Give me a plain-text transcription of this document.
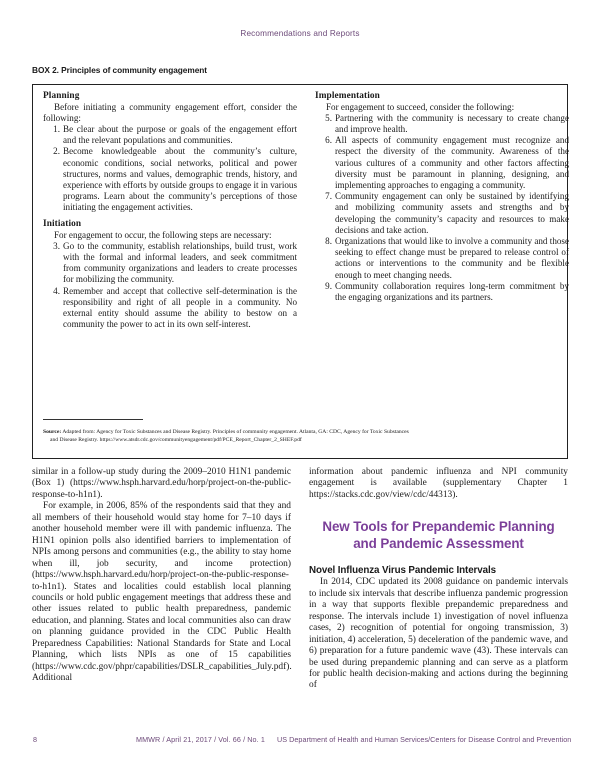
Recommendations and Reports
BOX 2. Principles of community engagement
Planning

Before initiating a community engagement effort, consider the following:

1. Be clear about the purpose or goals of the engagement effort and the relevant populations and communities.
2. Become knowledgeable about the community’s culture, economic conditions, social networks, political and power structures, norms and values, demographic trends, history, and experience with efforts by outside groups to engage it in various programs. Learn about the community’s perceptions of those initiating the engagement activities.
Initiation

For engagement to occur, the following steps are necessary:

3. Go to the community, establish relationships, build trust, work with the formal and informal leaders, and seek commitment from community organizations and leaders to create processes for mobilizing the community.
4. Remember and accept that collective self-determination is the responsibility and right of all people in a community. No external entity should assume the ability to bestow on a community the power to act in its own self-interest.
Implementation

For engagement to succeed, consider the following:

5. Partnering with the community is necessary to create change and improve health.
6. All aspects of community engagement must recognize and respect the diversity of the community. Awareness of the various cultures of a community and other factors affecting diversity must be paramount in planning, designing, and implementing approaches to engaging a community.
7. Community engagement can only be sustained by identifying and mobilizing community assets and strengths and by developing the community’s capacity and resources to make decisions and take action.
8. Organizations that would like to involve a community and those seeking to effect change must be prepared to release control of actions or interventions to the community and be flexible enough to meet changing needs.
9. Community collaboration requires long-term commitment by the engaging organizations and its partners.
Source: Adapted from: Agency for Toxic Substances and Disease Registry. Principles of community engagement. Atlanta, GA: CDC, Agency for Toxic Substances
and Disease Registry. https://www.atsdr.cdc.gov/communityengagement/pdf/PCE_Report_Chapter_2_SHEF.pdf

similar in a follow-up study during the 2009–2010 H1N1 pandemic (Box 1) (https://www.hsph.harvard.edu/horp/project-on-the-public-response-to-h1n1).

For example, in 2006, 85% of the respondents said that they and all members of their household would stay home for 7–10 days if another household member were ill with pandemic influenza. The H1N1 opinion polls also identified barriers to implementation of NPIs among persons and communities (e.g., the ability to stay home when ill, job security, and income protection) (https://www.hsph.harvard.edu/horp/project-on-the-public-response-to-h1n1). States and localities could establish local planning councils or hold public engagement meetings that address these and other issues related to public health preparedness, pandemic education, and planning. States and local communities also can draw on planning guidance provided in the CDC Public Health Preparedness Capabilities: National Standards for State and Local Planning, which lists NPIs as one of 15 capabilities (https://www.cdc.gov/phpr/capabilities/DSLR_capabilities_July.pdf). Additional

information about pandemic influenza and NPI community engagement is available (supplementary Chapter 1 https://stacks.cdc.gov/view/cdc/44313).

New Tools for Prepandemic Planning and Pandemic Assessment
Novel Influenza Virus Pandemic Intervals

In 2014, CDC updated its 2008 guidance on pandemic intervals to include six intervals that describe influenza pandemic progression in a way that supports flexible prepandemic preparedness and response. The intervals include 1) investigation of novel influenza cases, 2) recognition of potential for ongoing transmission, 3) initiation, 4) acceleration, 5) deceleration of the pandemic wave, and 6) preparation for a future pandemic wave (43). These intervals can be used during prepandemic planning and can serve as a platform for public health decision-making and actions during the beginning of

8	MMWR / April 21, 2017 / Vol. 66 / No. 1 US Department of Health and Human Services/Centers for Disease Control and Prevention
